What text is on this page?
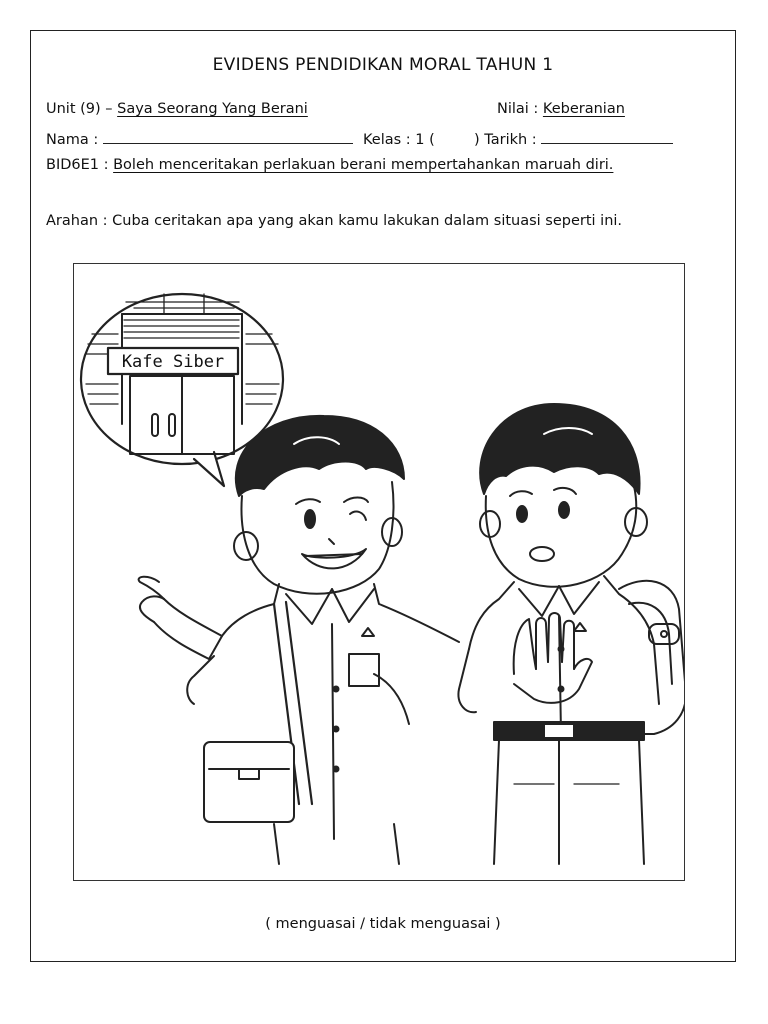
EVIDENS PENDIDIKAN MORAL TAHUN 1
Unit (9) – Saya Seorang Yang Berani	Nilai : Keberanian
Nama :	Kelas : 1 (	) Tarikh :
BID6E1 : Boleh menceritakan perlakuan berani mempertahankan maruah diri.
Arahan : Cuba ceritakan apa yang akan kamu lakukan dalam situasi seperti ini.
Kafe Siber
( menguasai / tidak menguasai )
